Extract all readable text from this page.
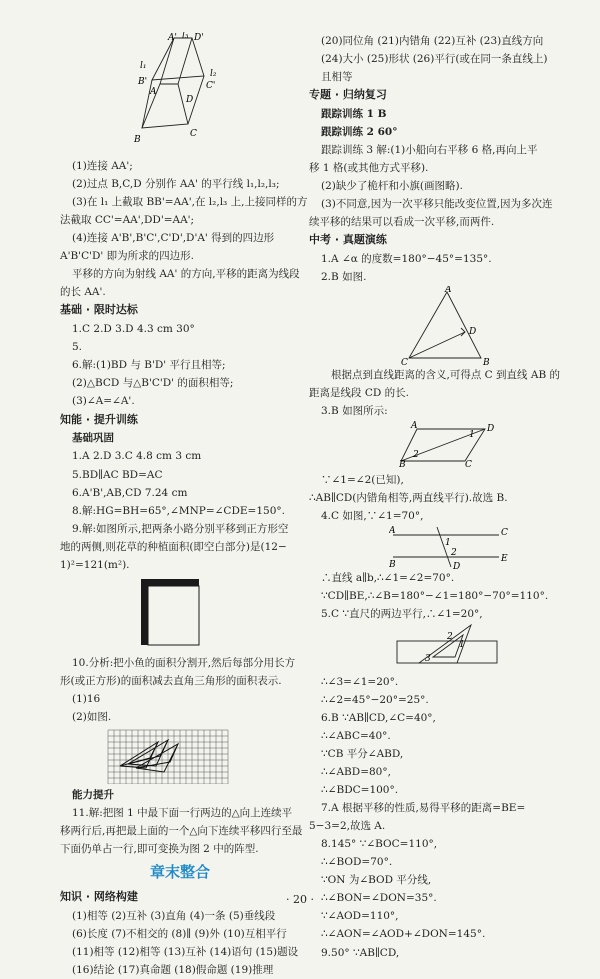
A' l₃ D'
l₁
B'
l₂
C'
A
D
B
C
(1)连接 AA';
(2)过点 B,C,D 分别作 AA' 的平行线 l₁,l₂,l₃;
(3)在 l₁ 上截取 BB'=AA',在 l₂,l₃ 上,上接同样的方
法截取 CC'=AA',DD'=AA';
(4)连接 A'B',B'C',C'D',D'A' 得到的四边形
A'B'C'D' 即为所求的四边形.
平移的方向为射线 AA' 的方向,平移的距离为线段
的长 AA'.
基础 · 限时达标
1.C 2.D 3.D 4.3 cm 30°
5.
6.解:(1)BD 与 B'D' 平行且相等;
(2)△BCD 与△B'C'D' 的面积相等;
(3)∠A=∠A'.
知能 · 提升训练
基础巩固
1.A 2.D 3.C 4.8 cm 3 cm
5.BD∥AC BD=AC
6.A'B',AB,CD 7.24 cm
8.解:HG=BH=65°,∠MNP=∠CDE=150°.
9.解:如图所示,把两条小路分别平移到正方形空
地的两侧,则花草的种植面积(即空白部分)是(12−
1)²=121(m²).
10.分析:把小鱼的面积分割开,然后每部分用长方
形(或正方形)的面积减去直角三角形的面积表示.
(1)16
(2)如图.
能力提升
11.解:把图 1 中最下面一行两边的△向上连续平
移两行后,再把最上面的一个△向下连续平移四行至最
下面仍单占一行,即可变换为图 2 中的阵型.
章末整合
知识 · 网络构建
(1)相等 (2)互补 (3)直角 (4)一条 (5)垂线段
(6)长度 (7)不相交的 (8)∥ (9)外 (10)互相平行
(11)相等 (12)相等 (13)互补 (14)语句 (15)题设
(16)结论 (17)真命题 (18)假命题 (19)推理
(20)同位角 (21)内错角 (22)互补 (23)直线方向
(24)大小 (25)形状 (26)平行(或在同一条直线上)
且相等
专题 · 归纳复习
跟踪训练 1 B
跟踪训练 2 60°
跟踪训练 3 解:(1)小船向右平移 6 格,再向上平
移 1 格(或其他方式平移).
(2)缺少了桅杆和小旗(画图略).
(3)不同意,因为一次平移只能改变位置,因为多次连
续平移的结果可以看成一次平移,而两件.
中考 · 真题演练
1.A ∠α 的度数=180°−45°=135°.
2.B 如图.
A
D
C	B
根据点到直线距离的含义,可得点 C 到直线 AB 的
距离是线段 CD 的长.
3.B 如图所示:
A	D
1
2
B	C
∵∠1=∠2(已知),
∴AB∥CD(内错角相等,两直线平行).故选 B.
4.C 如图,∵∠1=70°,
A	C
1
2
B	D
E
∴直线 a∥b,∴∠1=∠2=70°.
∵CD∥BE,∴∠B=180°−∠1=180°−70°=110°.
5.C ∵直尺的两边平行,∴∠1=20°,
2
1
3
∴∠3=∠1=20°.
∴∠2=45°−20°=25°.
6.B ∵AB∥CD,∠C=40°,
∴∠ABC=40°.
∵CB 平分∠ABD,
∴∠ABD=80°,
∴∠BDC=100°.
7.A 根据平移的性质,易得平移的距离=BE=
5−3=2,故选 A.
8.145° ∵∠BOC=110°,
∴∠BOD=70°.
∵ON 为∠BOD 平分线,
∴∠BON=∠DON=35°.
∵∠AOD=110°,
∴∠AON=∠AOD+∠DON=145°.
9.50° ∵AB∥CD,
· 20 ·
